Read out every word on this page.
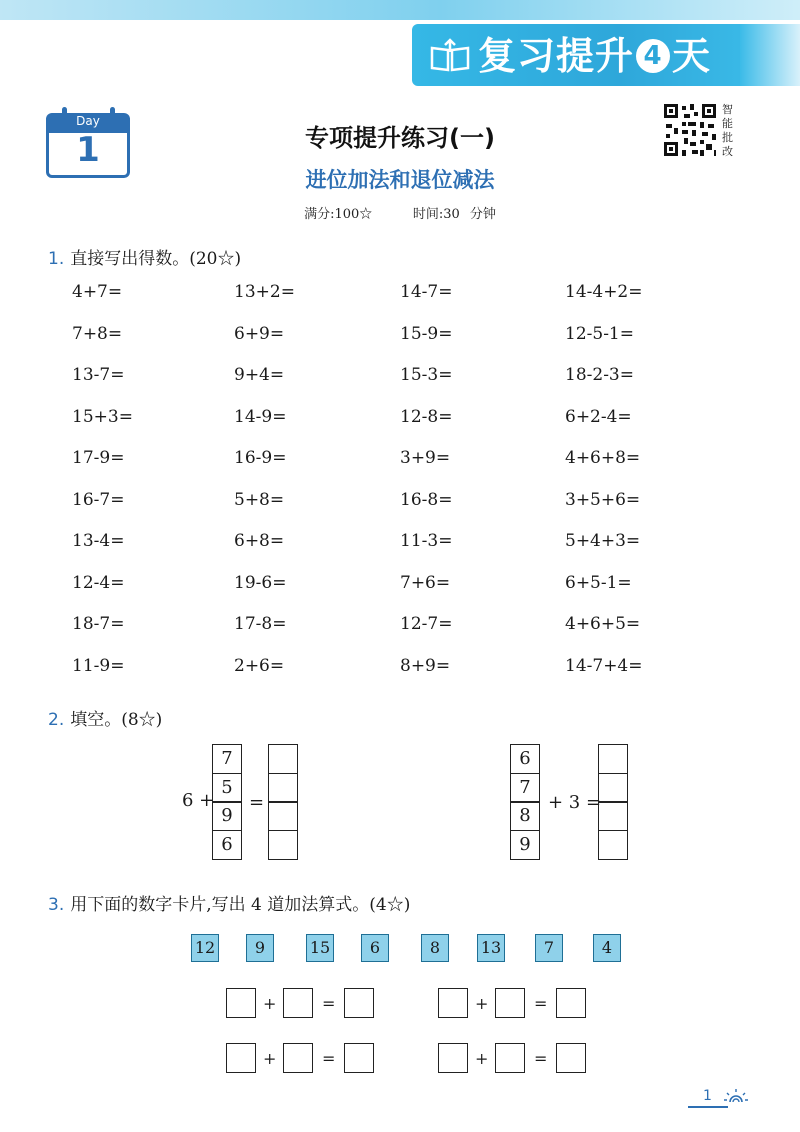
复习提升 4 天
Day
1	专项提升练习(一)
进位加法和退位减法
满分:100☆	时间:30 分钟
智能批改
1. 直接写出得数。(20☆)
4+7=	13+2=	14-7=	14-4+2=
7+8=	6+9=	15-9=	12-5-1=
13-7=	9+4=	15-3=	18-2-3=
15+3=	14-9=	12-8=	6+2-4=
17-9=	16-9=	3+9=	4+6+8=
16-7=	5+8=	16-8=	3+5+6=
13-4=	6+8=	11-3=	5+4+3=
12-4=	19-6=	7+6=	6+5-1=
18-7=	17-8=	12-7=	4+6+5=
11-9=	2+6=	8+9=	14-7+4=
2. 填空。(8☆)
6 +
7
5
9
6
=
6
7
8
9
+ 3 =
3. 用下面的数字卡片,写出 4 道加法算式。(4☆)
12	9	15	6	8	13	7	4
+	=	+	=
+	=	+	=
1
